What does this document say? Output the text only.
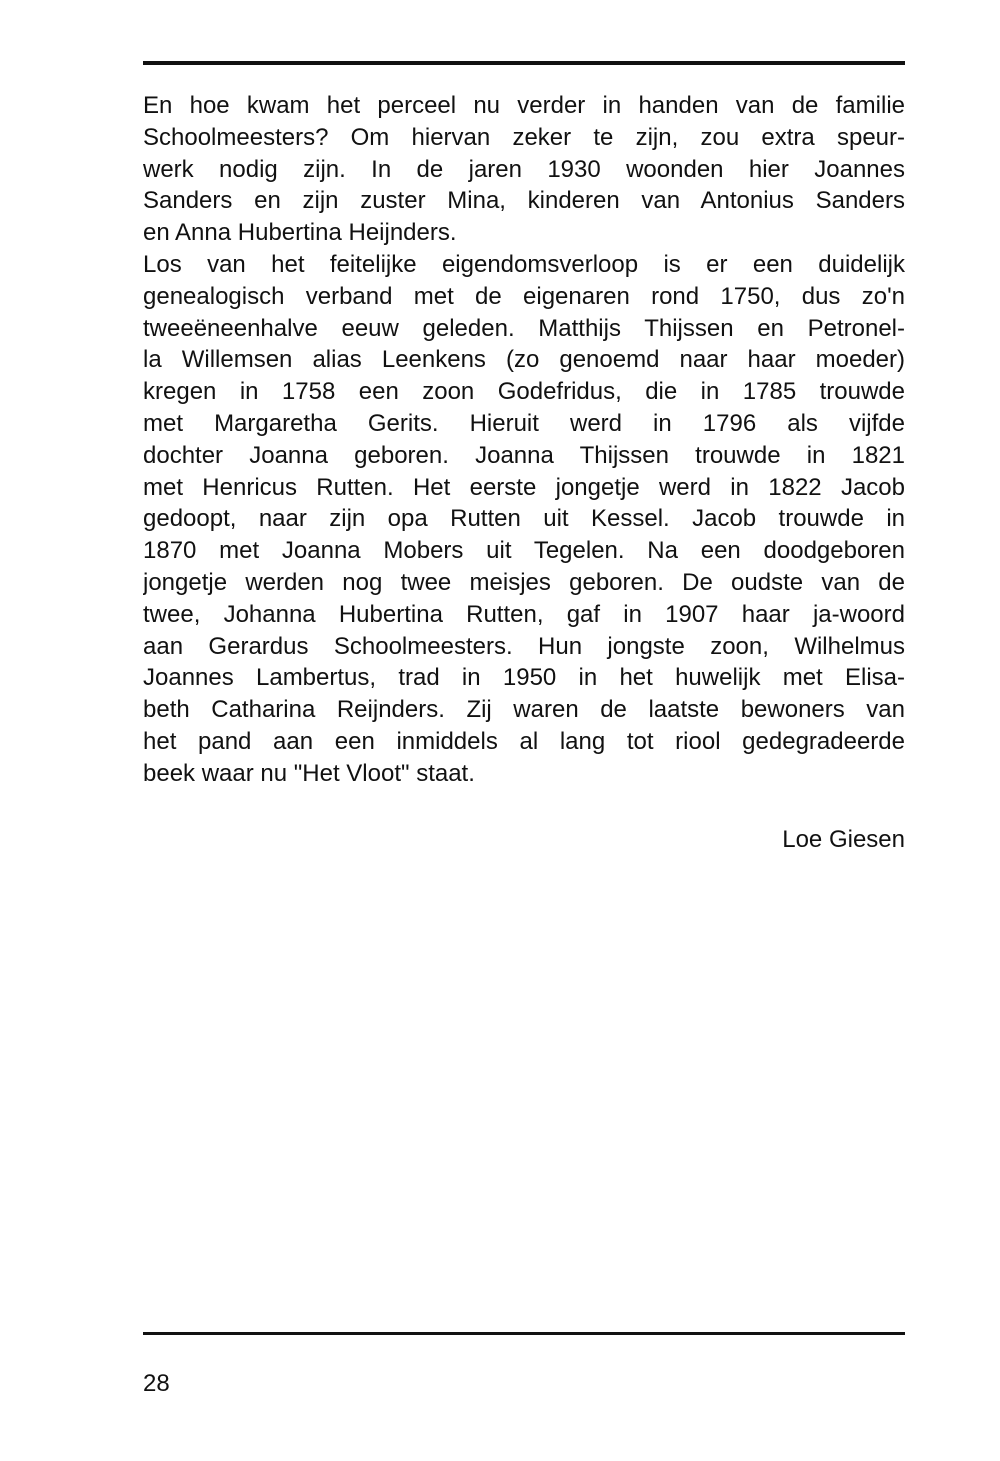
En hoe kwam het perceel nu verder in handen van de familie
Schoolmeesters? Om hiervan zeker te zijn, zou extra speur-
werk nodig zijn. In de jaren 1930 woonden hier Joannes
Sanders en zijn zuster Mina, kinderen van Antonius Sanders
en Anna Hubertina Heijnders.
Los van het feitelijke eigendomsverloop is er een duidelijk
genealogisch verband met de eigenaren rond 1750, dus zo'n
tweeëneenhalve eeuw geleden. Matthijs Thijssen en Petronel-
la Willemsen alias Leenkens (zo genoemd naar haar moeder)
kregen in 1758 een zoon Godefridus, die in 1785 trouwde
met Margaretha Gerits. Hieruit werd in 1796 als vijfde
dochter Joanna geboren. Joanna Thijssen trouwde in 1821
met Henricus Rutten. Het eerste jongetje werd in 1822 Jacob
gedoopt, naar zijn opa Rutten uit Kessel. Jacob trouwde in
1870 met Joanna Mobers uit Tegelen. Na een doodgeboren
jongetje werden nog twee meisjes geboren. De oudste van de
twee, Johanna Hubertina Rutten, gaf in 1907 haar ja-woord
aan Gerardus Schoolmeesters. Hun jongste zoon, Wilhelmus
Joannes Lambertus, trad in 1950 in het huwelijk met Elisa-
beth Catharina Reijnders. Zij waren de laatste bewoners van
het pand aan een inmiddels al lang tot riool gedegradeerde
beek waar nu "Het Vloot" staat.
Loe Giesen
28
